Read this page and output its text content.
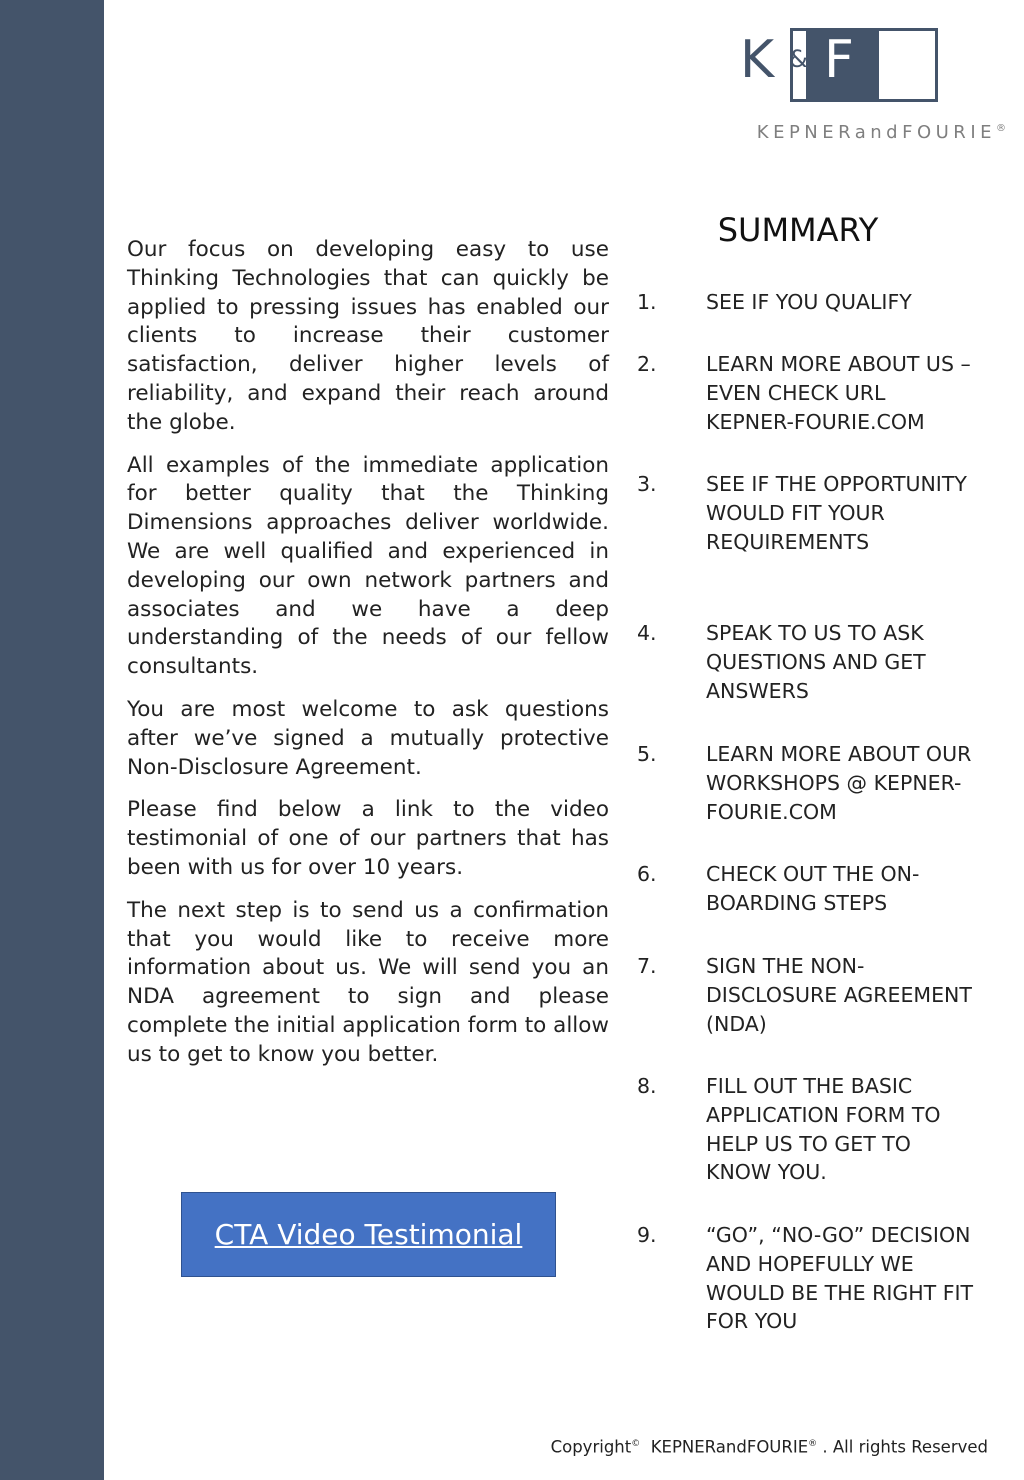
K & F
KEPNERandFOURIE®

Our focus on developing easy to use Thinking Technologies that can quickly be applied to pressing issues has enabled our clients to increase their customer satisfaction, deliver higher levels of reliability, and expand their reach around the globe.

All examples of the immediate application for better quality that the Thinking Dimensions approaches deliver worldwide. We are well qualified and experienced in developing our own network partners and associates and we have a deep understanding of the needs of our fellow consultants.

You are most welcome to ask questions after we’ve signed a mutually protective Non-Disclosure Agreement.

Please find below a link to the video testimonial of one of our partners that has been with us for over 10 years.

The next step is to send us a confirmation that you would like to receive more information about us. We will send you an NDA agreement to sign and please complete the initial application form to allow us to get to know you better.

SUMMARY
1.	SEE IF YOU QUALIFY
2.	LEARN MORE ABOUT US – EVEN CHECK URL KEPNER-FOURIE.COM
3.	SEE IF THE OPPORTUNITY WOULD FIT YOUR REQUIREMENTS
4.	SPEAK TO US TO ASK QUESTIONS AND GET ANSWERS
5.	LEARN MORE ABOUT OUR WORKSHOPS @ KEPNER-FOURIE.COM
6.	CHECK OUT THE ON-BOARDING STEPS
7.	SIGN THE NON-DISCLOSURE AGREEMENT (NDA)
8.	FILL OUT THE BASIC APPLICATION FORM TO HELP US TO GET TO KNOW YOU.
9.	“GO”, “NO-GO” DECISION AND HOPEFULLY WE WOULD BE THE RIGHT FIT FOR YOU
CTA Video Testimonial
Copyright© KEPNERandFOURIE® . All rights Reserved
